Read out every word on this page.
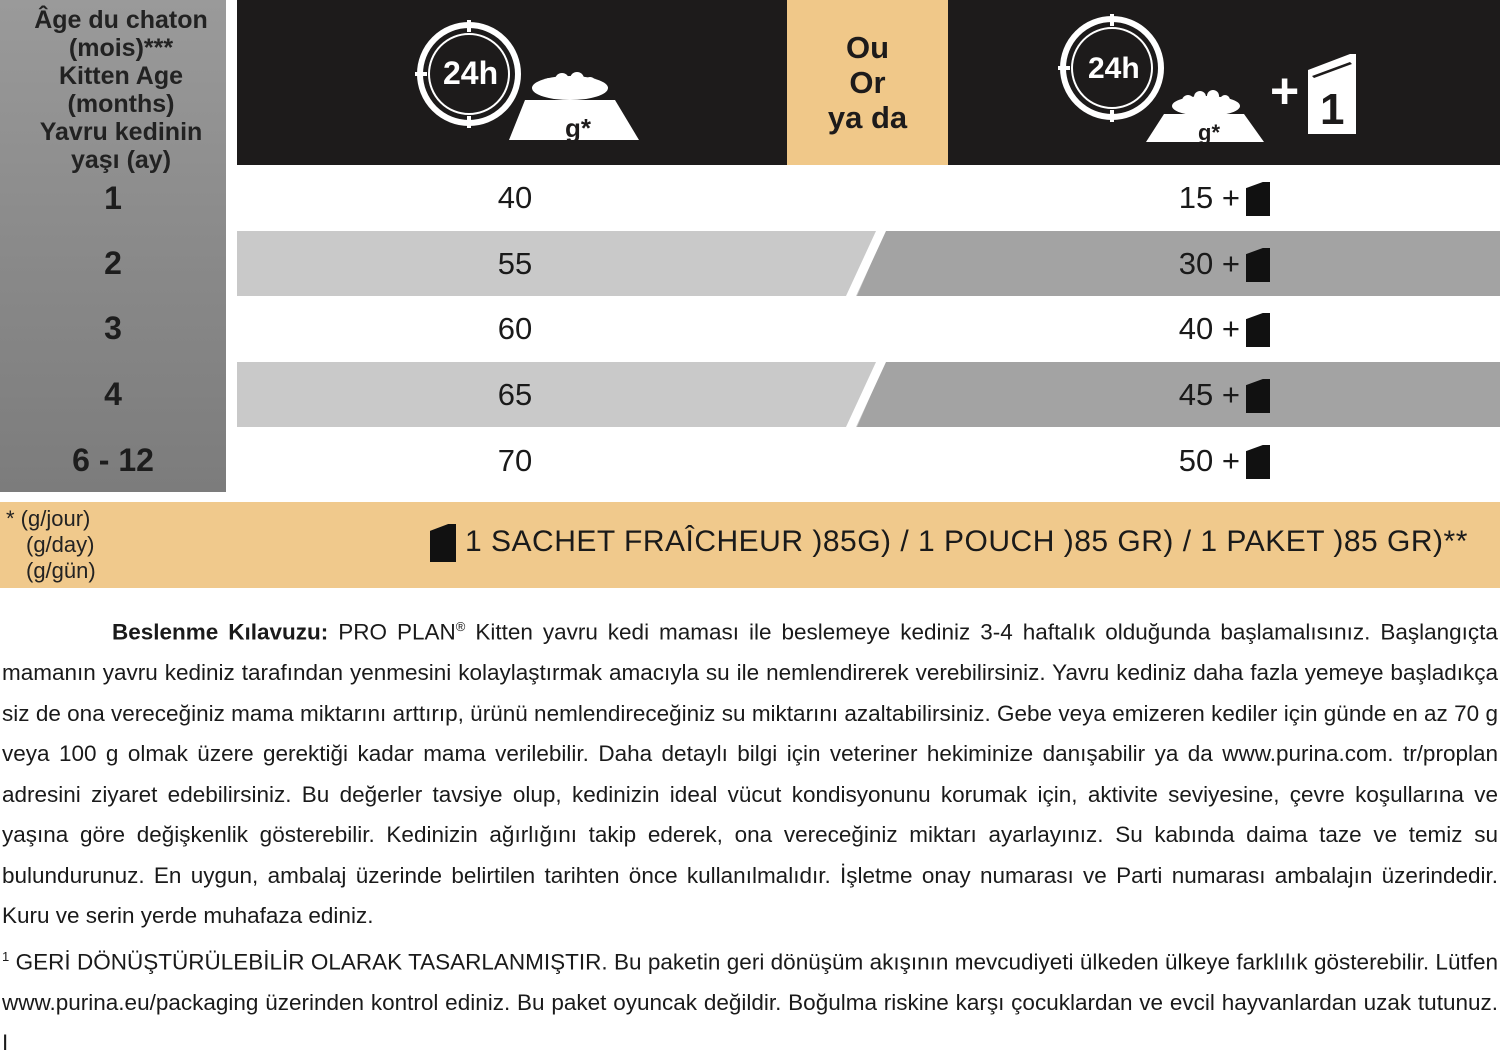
Âge du chaton
(mois)***
Kitten Age
(months)
Yavru kedinin
yaşı (ay)
24h
g*
Ou
Or
ya da
24h
g*
+ 1
1
2
3
4
6 - 12
40
55
60
65
70
15 +
30 +
40 +
45 +
50 +
* (g/jour)
(g/day)
(g/gün)
1 SACHET FRAÎCHEUR )85G) / 1 POUCH )85 GR) / 1 PAKET )85 GR)**

Beslenme Kılavuzu: PRO PLAN® Kitten yavru kedi maması ile beslemeye kediniz 3-4 haftalık olduğunda başlamalısınız. Başlangıçta mamanın yavru kediniz tarafından yenmesini kolaylaştırmak amacıyla su ile nemlendirerek verebilirsiniz. Yavru kediniz daha fazla yemeye başladıkça siz de ona vereceğiniz mama miktarını arttırıp, ürünü nemlendireceğiniz su miktarını azaltabilirsiniz. Gebe veya emizeren kediler için günde en az 70 g veya 100 g olmak üzere gerektiği kadar mama verilebilir. Daha detaylı bilgi için veteriner hekiminize danışabilir ya da www.purina.com. tr/proplan adresini ziyaret edebilirsiniz. Bu değerler tavsiye olup, kedinizin ideal vücut kondisyonunu korumak için, aktivite seviyesine, çevre koşullarına ve yaşına göre değişkenlik gösterebilir. Kedinizin ağırlığını takip ederek, ona vereceğiniz miktarı ayarlayınız. Su kabında daima taze ve temiz su bulundurunuz. En uygun, ambalaj üzerinde belirtilen tarihten önce kullanılmalıdır. İşletme onay numarası ve Parti numarası ambalajın üzerindedir. Kuru ve serin yerde muhafaza ediniz.

$^1$ GERİ DÖNÜŞTÜRÜLEBİLİR OLARAK TASARLANMIŞTIR. Bu paketin geri dönüşüm akışının mevcudiyeti ülkeden ülkeye farklılık gösterebilir. Lütfen www.purina.eu/packaging üzerinden kontrol ediniz. Bu paket oyuncak değildir. Boğulma riskine karşı çocuklardan ve evcil hayvanlardan uzak tutunuz. I
